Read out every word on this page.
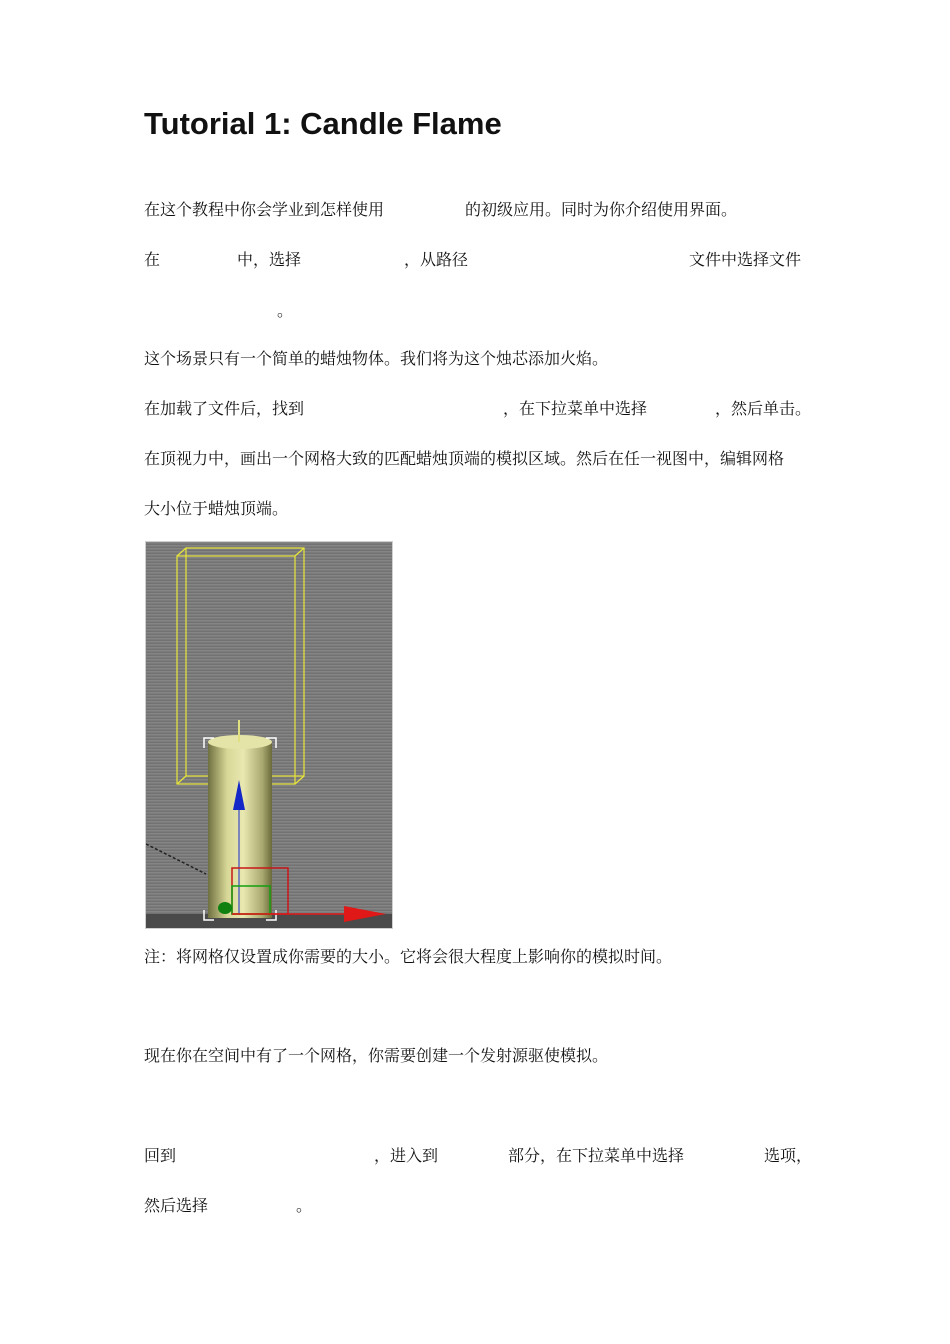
Tutorial 1: Candle Flame
在这个教程中你会学业到怎样使用	的初级应用。同时为你介绍使用界面。
在	中，选择	，从路径	文件中选择文件
。
这个场景只有一个简单的蜡烛物体。我们将为这个烛芯添加火焰。
在加载了文件后，找到	，在下拉菜单中选择	，然后单击。
在顶视力中，画出一个网格大致的匹配蜡烛顶端的模拟区域。然后在任一视图中，编辑网格
大小位于蜡烛顶端。
注：将网格仅设置成你需要的大小。它将会很大程度上影响你的模拟时间。
现在你在空间中有了一个网格，你需要创建一个发射源驱使模拟。
回到	，进入到	部分，在下拉菜单中选择	选项，
然后选择	。
